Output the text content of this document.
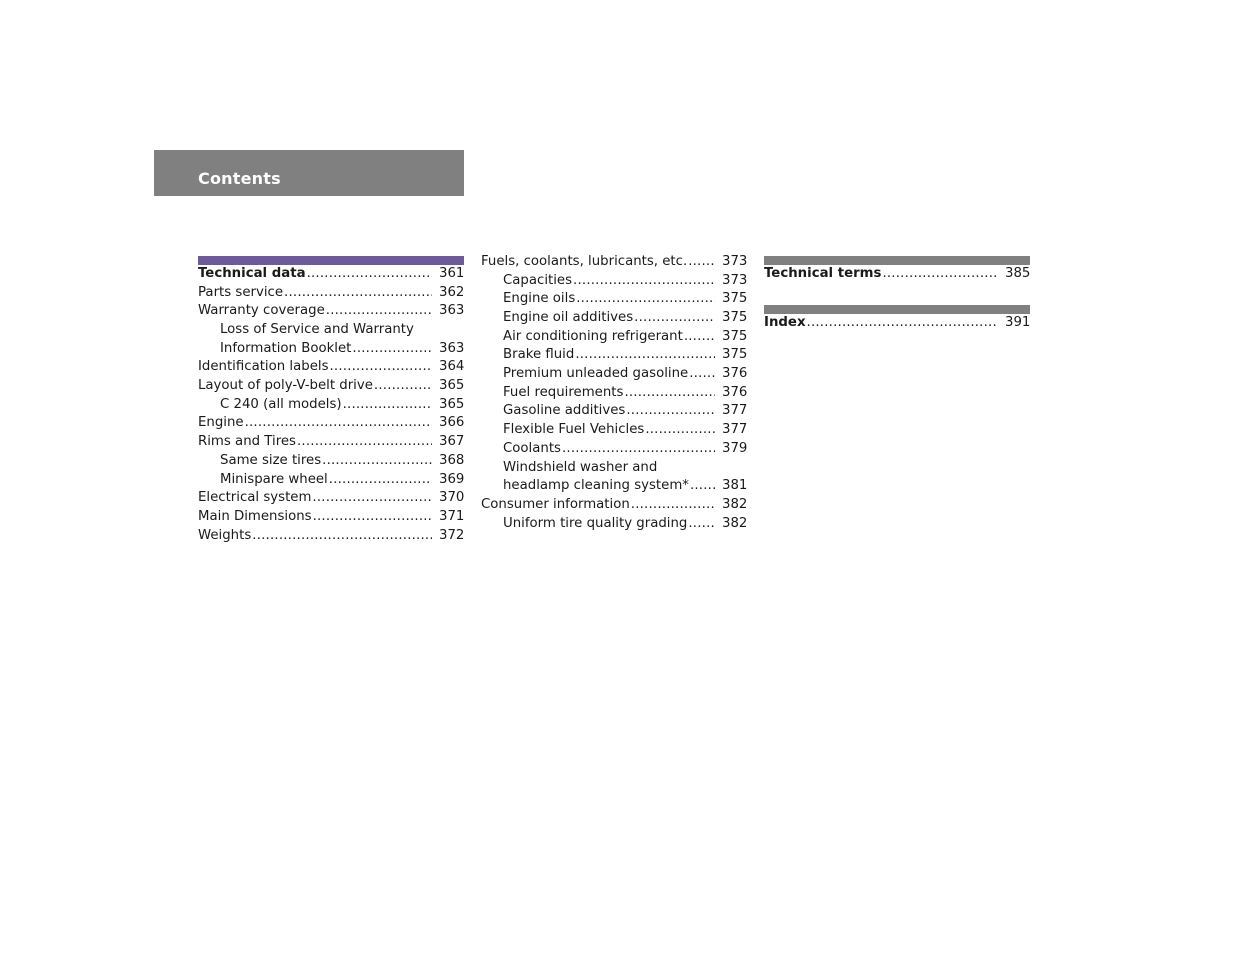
Contents
Technical data .....	361
Parts service .....	362
Warranty coverage .....	363
Loss of Service and Warranty
Information Booklet .....	363
Identification labels .....	364
Layout of poly-V-belt drive .....	365
C 240 (all models) .....	365
Engine .....	366
Rims and Tires .....	367
Same size tires .....	368
Minispare wheel .....	369
Electrical system .....	370
Main Dimensions .....	371
Weights .....	372
Fuels, coolants, lubricants, etc. .....	373
Capacities .....	373
Engine oils .....	375
Engine oil additives .....	375
Air conditioning refrigerant .....	375
Brake fluid .....	375
Premium unleaded gasoline .....	376
Fuel requirements .....	376
Gasoline additives .....	377
Flexible Fuel Vehicles .....	377
Coolants .....	379
Windshield washer and
headlamp cleaning system* .....	381
Consumer information .....	382
Uniform tire quality grading .....	382
Technical terms .....	385
Index .....	391
